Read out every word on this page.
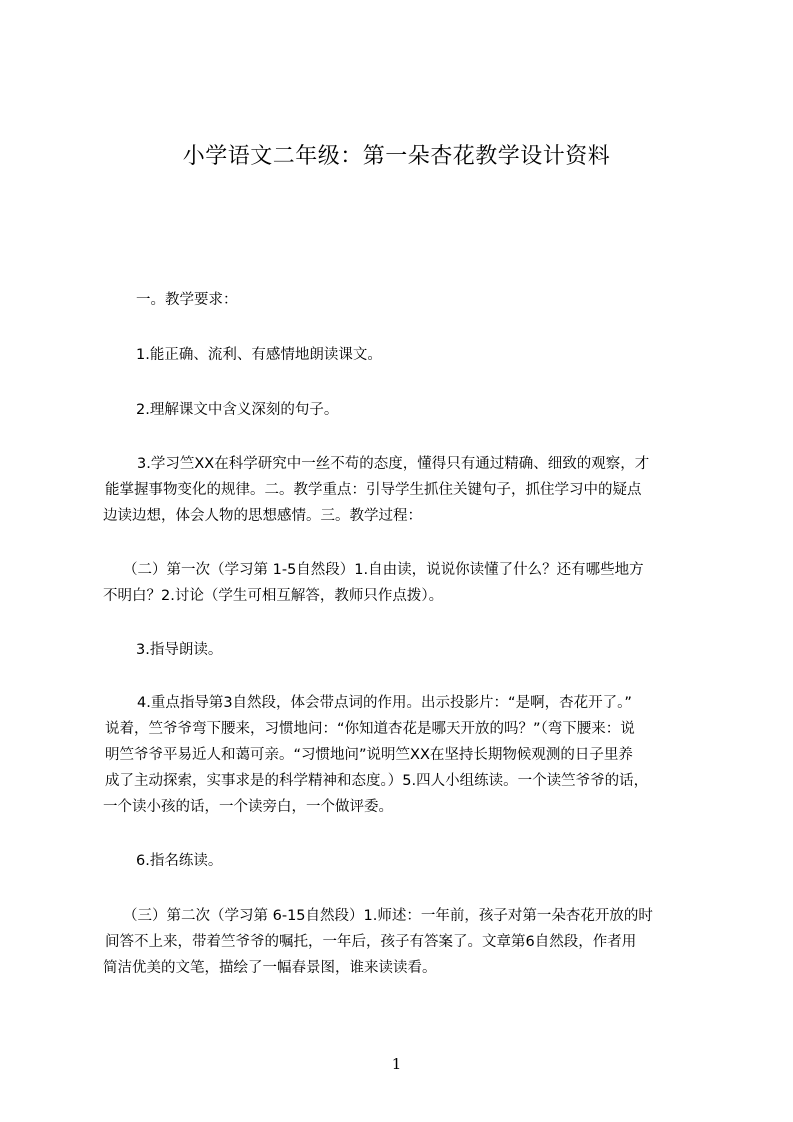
小学语文二年级：第一朵杏花教学设计资料
一。教学要求：
1.能正确、流利、有感情地朗读课文。
2.理解课文中含义深刻的句子。
3.学习竺XX在科学研究中一丝不苟的态度，懂得只有通过精确、细致的观察，才
能掌握事物变化的规律。二。教学重点：引导学生抓住关键句子，抓住学习中的疑点
边读边想，体会人物的思想感情。三。教学过程：
（二）第一次（学习第 1-5自然段）1.自由读，说说你读懂了什么？还有哪些地方
不明白？2.讨论（学生可相互解答，教师只作点拨）。
3.指导朗读。
4.重点指导第3自然段，体会带点词的作用。出示投影片：“是啊，杏花开了。”
说着，竺爷爷弯下腰来，习惯地问：“你知道杏花是哪天开放的吗？”（弯下腰来：说
明竺爷爷平易近人和蔼可亲。“习惯地问”说明竺XX在坚持长期物候观测的日子里养
成了主动探索，实事求是的科学精神和态度。）5.四人小组练读。一个读竺爷爷的话，
一个读小孩的话，一个读旁白，一个做评委。
6.指名练读。
（三）第二次（学习第 6-15自然段）1.师述：一年前，孩子对第一朵杏花开放的时
间答不上来，带着竺爷爷的嘱托，一年后，孩子有答案了。文章第6自然段，作者用
简洁优美的文笔，描绘了一幅春景图，谁来读读看。
1
